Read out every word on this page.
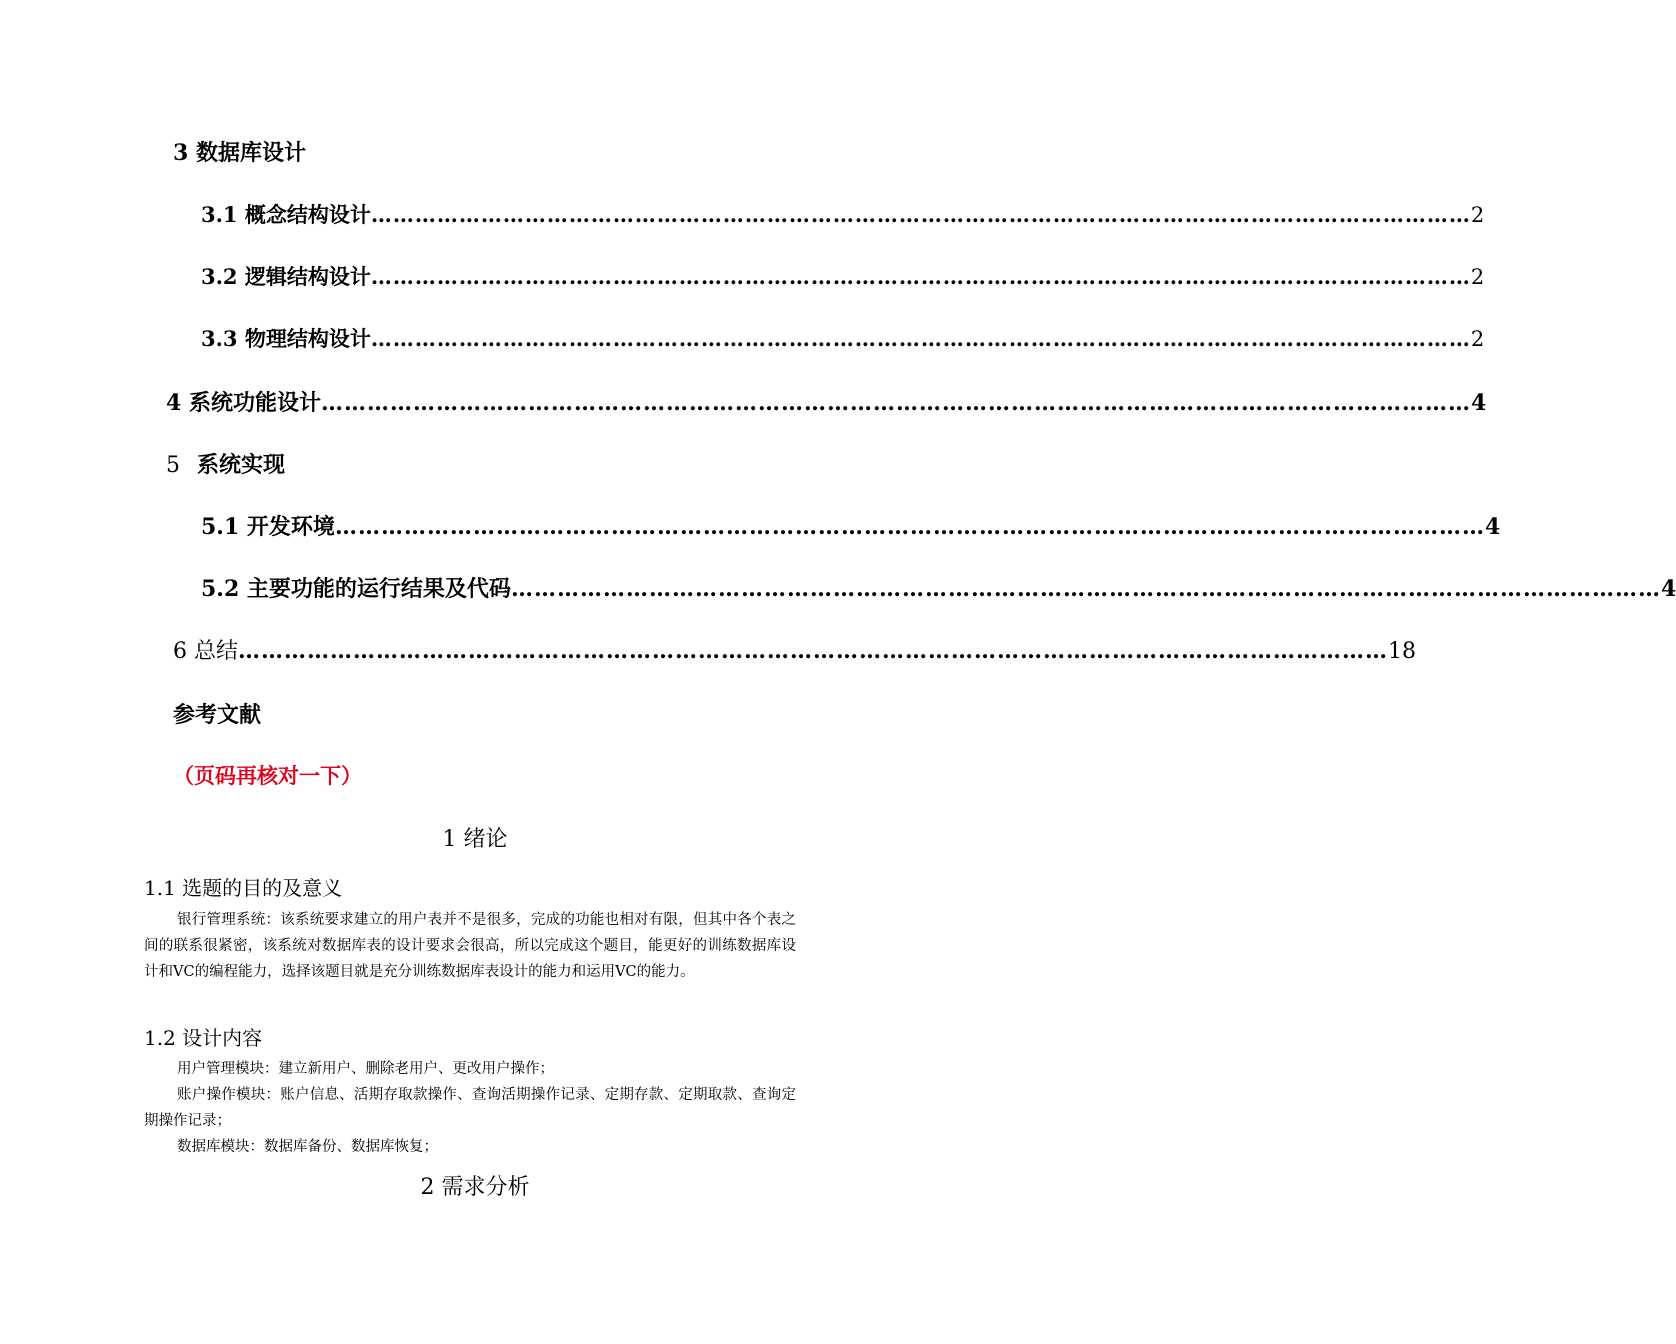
3 数据库设计
3.1 概念结构设计 …………………………………………………………………………………………………………………………………… 2
3.2 逻辑结构设计 …………………………………………………………………………………………………………………………………… 2
3.3 物理结构设计 …………………………………………………………………………………………………………………………………… 2
4 系统功能设计 …………………………………………………………………………………………………………………………………… 4
5 系统实现
5.1 开发环境 …………………………………………………………………………………………………………………………………… 4
5.2 主要功能的运行结果及代码 …………………………………………………………………………………………………………………………………… 4
6 总结 …………………………………………………………………………………………………………………………………… 18
参考文献
（页码再核对一下）
1 绪论
1.1 选题的目的及意义
银行管理系统：该系统要求建立的用户表并不是很多，完成的功能也相对有限，但其中各个表之间的联系很紧密，该系统对数据库表的设计要求会很高，所以完成这个题目，能更好的训练数据库设计和VC的编程能力，选择该题目就是充分训练数据库表设计的能力和运用VC的能力。
1.2 设计内容
用户管理模块：建立新用户、删除老用户、更改用户操作；
账户操作模块：账户信息、活期存取款操作、查询活期操作记录、定期存款、定期取款、查询定期操作记录；
数据库模块：数据库备份、数据库恢复；
2 需求分析
